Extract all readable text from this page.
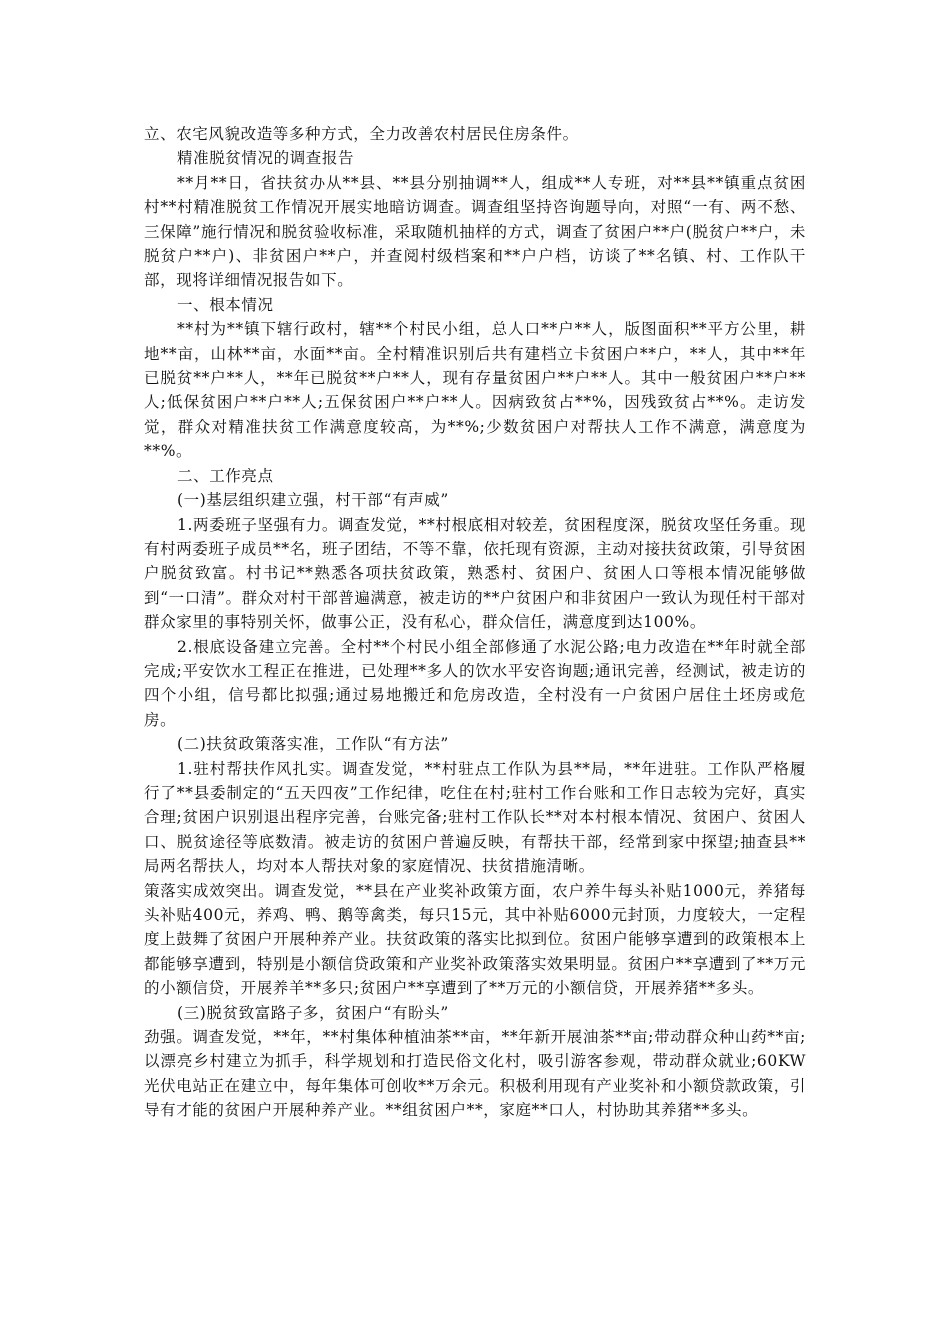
立、农宅风貌改造等多种方式，全力改善农村居民住房条件。

精准脱贫情况的调查报告

**月**日，省扶贫办从**县、**县分别抽调**人，组成**人专班，对**县**镇重点贫困村**村精准脱贫工作情况开展实地暗访调查。调查组坚持咨询题导向，对照“一有、两不愁、三保障”施行情况和脱贫验收标准，采取随机抽样的方式，调查了贫困户**户(脱贫户**户，未脱贫户**户)、非贫困户**户，并查阅村级档案和**户户档，访谈了**名镇、村、工作队干部，现将详细情况报告如下。

一、根本情况

**村为**镇下辖行政村，辖**个村民小组，总人口**户**人，版图面积**平方公里，耕地**亩，山林**亩，水面**亩。全村精准识别后共有建档立卡贫困户**户，**人，其中**年已脱贫**户**人，**年已脱贫**户**人，现有存量贫困户**户**人。其中一般贫困户**户**人;低保贫困户**户**人;五保贫困户**户**人。因病致贫占**%，因残致贫占**%。走访发觉，群众对精准扶贫工作满意度较高，为**%;少数贫困户对帮扶人工作不满意，满意度为**%。

二、工作亮点

(一)基层组织建立强，村干部“有声威”

1.两委班子坚强有力。调查发觉，**村根底相对较差，贫困程度深，脱贫攻坚任务重。现有村两委班子成员**名，班子团结，不等不靠，依托现有资源，主动对接扶贫政策，引导贫困户脱贫致富。村书记**熟悉各项扶贫政策，熟悉村、贫困户、贫困人口等根本情况能够做到“一口清”。群众对村干部普遍满意，被走访的**户贫困户和非贫困户一致认为现任村干部对群众家里的事特别关怀，做事公正，没有私心，群众信任，满意度到达100%。

2.根底设备建立完善。全村**个村民小组全部修通了水泥公路;电力改造在**年时就全部完成;平安饮水工程正在推进，已处理**多人的饮水平安咨询题;通讯完善，经测试，被走访的四个小组，信号都比拟强;通过易地搬迁和危房改造，全村没有一户贫困户居住土坯房或危房。

(二)扶贫政策落实准，工作队“有方法”

1.驻村帮扶作风扎实。调查发觉，**村驻点工作队为县**局，**年进驻。工作队严格履行了**县委制定的“五天四夜”工作纪律，吃住在村;驻村工作台账和工作日志较为完好，真实合理;贫困户识别退出程序完善，台账完备;驻村工作队长**对本村根本情况、贫困户、贫困人口、脱贫途径等底数清。被走访的贫困户普遍反映，有帮扶干部，经常到家中探望;抽查县**局两名帮扶人，均对本人帮扶对象的家庭情况、扶贫措施清晰。

策落实成效突出。调查发觉，**县在产业奖补政策方面，农户养牛每头补贴1000元，养猪每头补贴400元，养鸡、鸭、鹅等禽类，每只15元，其中补贴6000元封顶，力度较大，一定程度上鼓舞了贫困户开展种养产业。扶贫政策的落实比拟到位。贫困户能够享遭到的政策根本上都能够享遭到，特别是小额信贷政策和产业奖补政策落实效果明显。贫困户**享遭到了**万元的小额信贷，开展养羊**多只;贫困户**享遭到了**万元的小额信贷，开展养猪**多头。

(三)脱贫致富路子多，贫困户“有盼头”

劲强。调查发觉，**年，**村集体种植油茶**亩，**年新开展油茶**亩;带动群众种山药**亩;以漂亮乡村建立为抓手，科学规划和打造民俗文化村，吸引游客参观，带动群众就业;60KW光伏电站正在建立中，每年集体可创收**万余元。积极利用现有产业奖补和小额贷款政策，引导有才能的贫困户开展种养产业。**组贫困户**，家庭**口人，村协助其养猪**多头。
